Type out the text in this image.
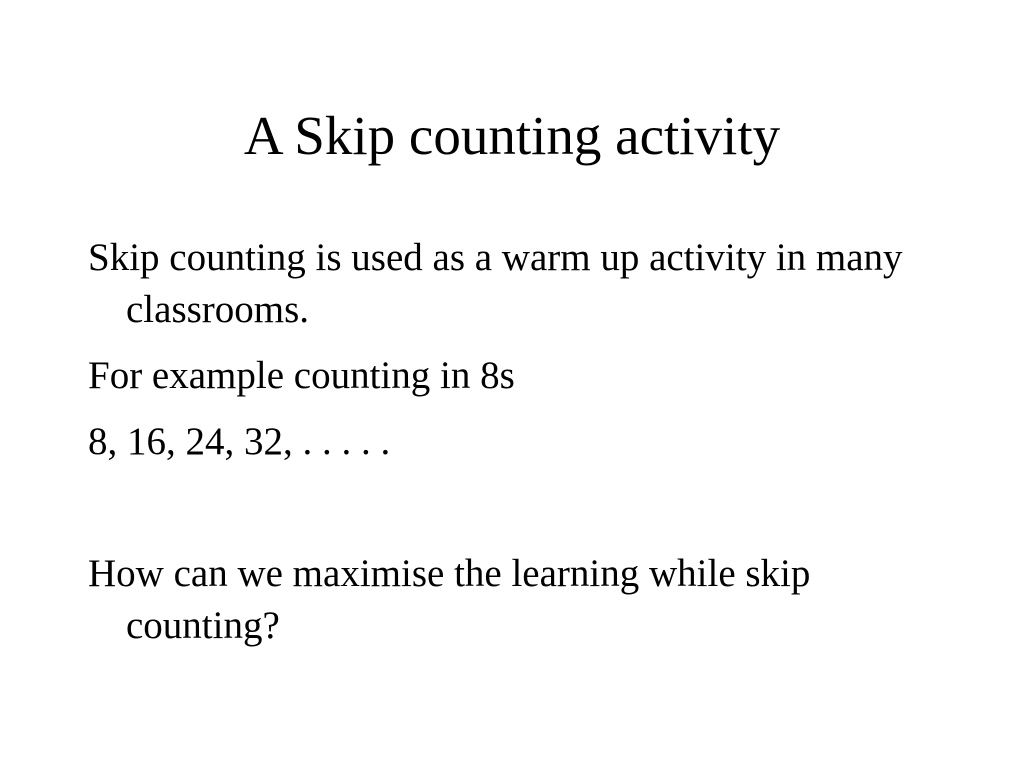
A Skip counting activity
Skip counting is used as a warm up activity in many classrooms.
For example counting in 8s
8, 16, 24, 32, . . . . .
How can we maximise the learning while skip counting?
